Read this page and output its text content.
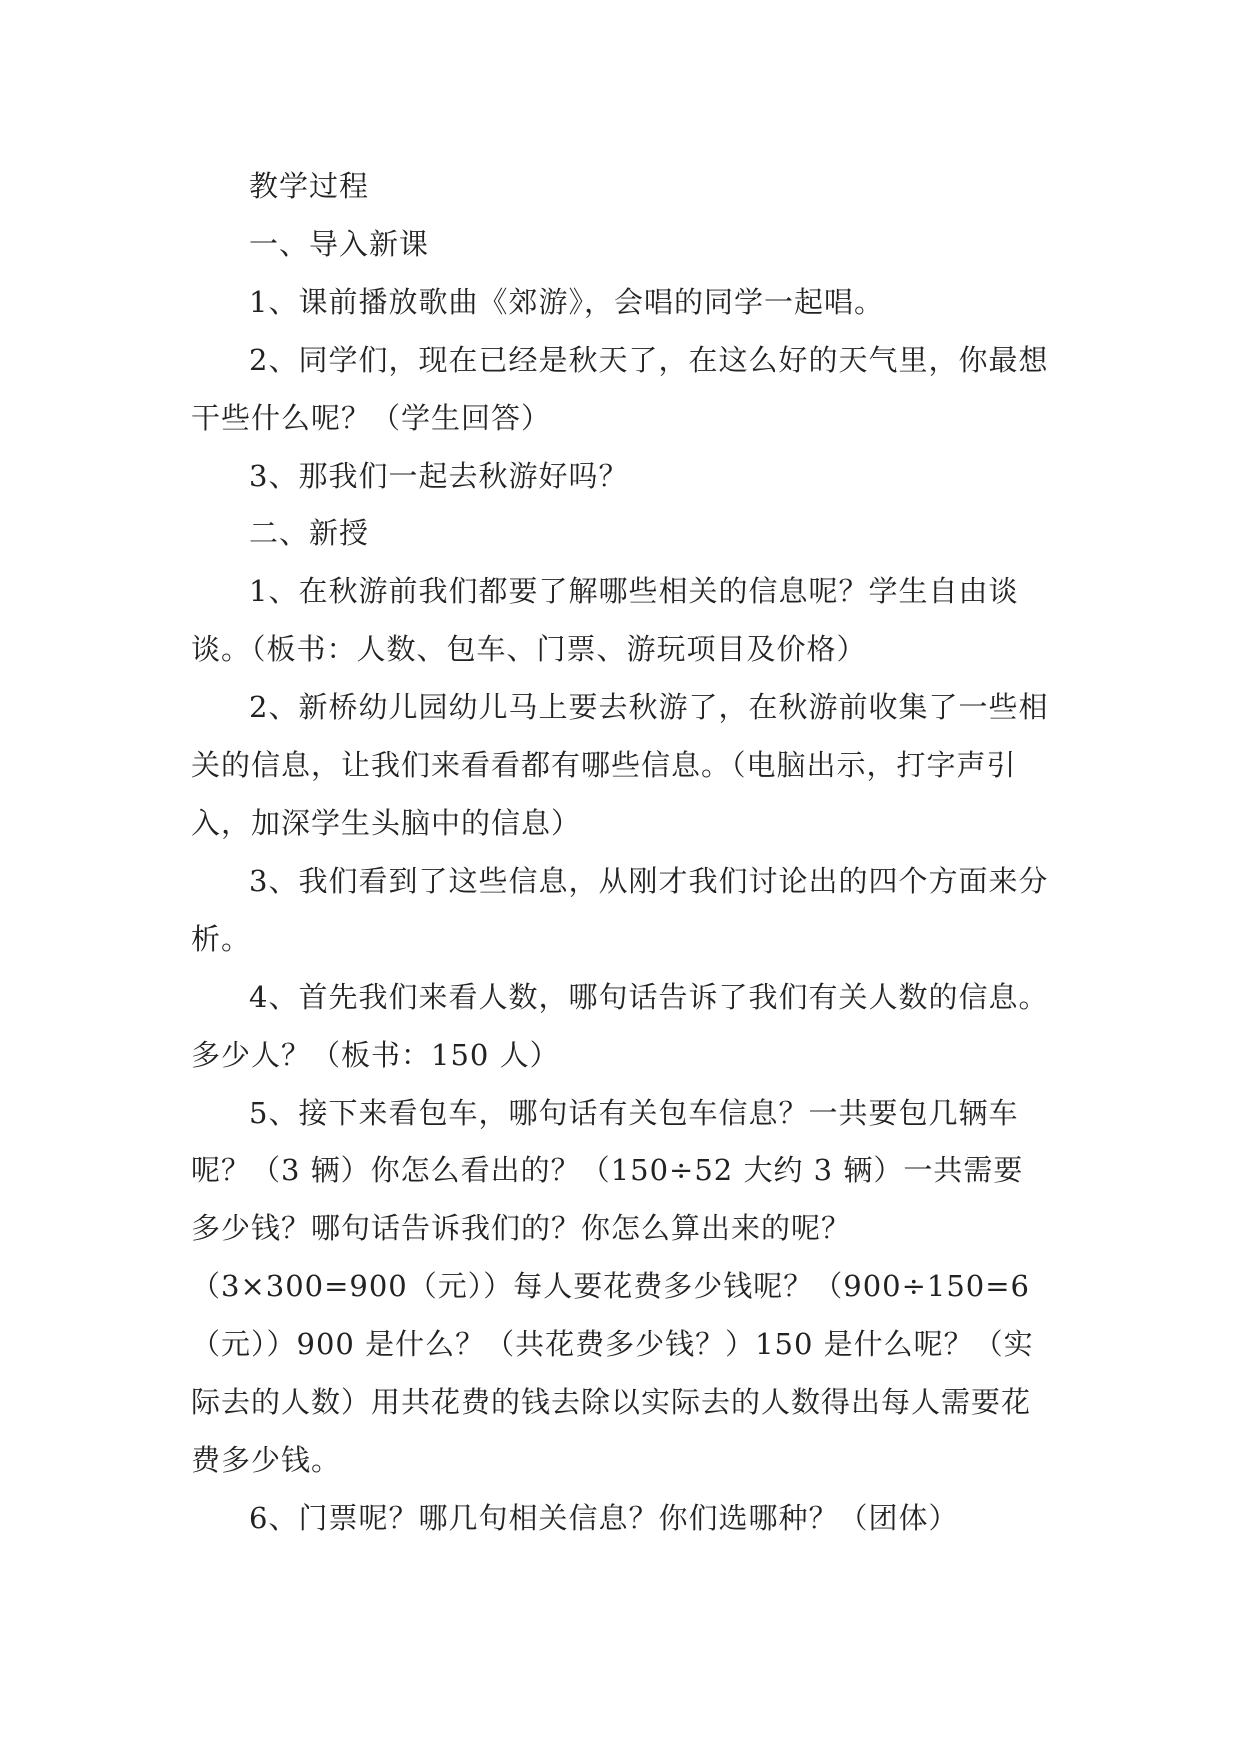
教学过程

一、导入新课

1、课前播放歌曲《郊游》，会唱的同学一起唱。

2、同学们，现在已经是秋天了，在这么好的天气里，你最想干些什么呢？（学生回答）

3、那我们一起去秋游好吗？

二、新授

1、在秋游前我们都要了解哪些相关的信息呢？学生自由谈谈。（板书：人数、包车、门票、游玩项目及价格）

2、新桥幼儿园幼儿马上要去秋游了，在秋游前收集了一些相关的信息，让我们来看看都有哪些信息。（电脑出示，打字声引入，加深学生头脑中的信息）

3、我们看到了这些信息，从刚才我们讨论出的四个方面来分析。

4、首先我们来看人数，哪句话告诉了我们有关人数的信息。多少人？（板书：150 人）

5、接下来看包车，哪句话有关包车信息？一共要包几辆车呢？（3 辆）你怎么看出的？（150÷52 大约 3 辆）一共需要多少钱？哪句话告诉我们的？你怎么算出来的呢？（3×300=900（元））每人要花费多少钱呢？（900÷150=6（元））900 是什么？（共花费多少钱？）150 是什么呢？（实际去的人数）用共花费的钱去除以实际去的人数得出每人需要花费多少钱。

6、门票呢？哪几句相关信息？你们选哪种？（团体）
